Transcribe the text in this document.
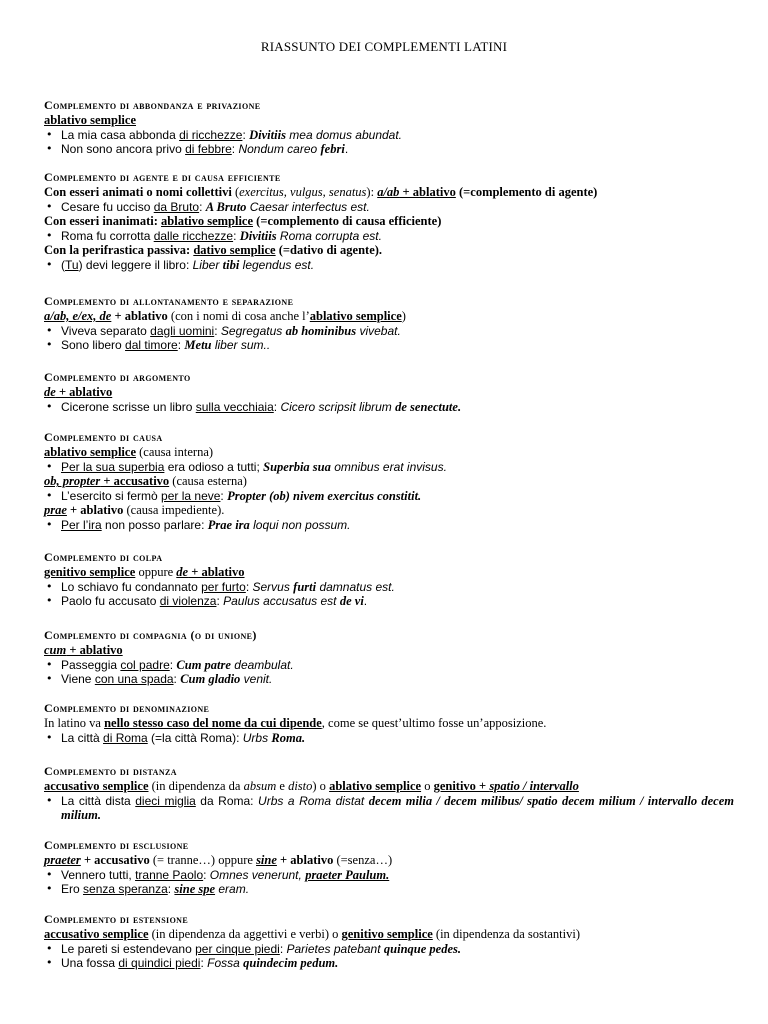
RIASSUNTO DEI COMPLEMENTI LATINI
Complemento di abbondanza e privazione
ablativo semplice
• La mia casa abbonda di ricchezze: Divitiis mea domus abundat.
• Non sono ancora privo di febbre: Nondum careo febri.
Complemento di agente e di causa efficiente
Con esseri animati o nomi collettivi (exercitus, vulgus, senatus): a/ab + ablativo (=complemento di agente)
• Cesare fu ucciso da Bruto: A Bruto Caesar interfectus est.
Con esseri inanimati: ablativo semplice (=complemento di causa efficiente)
• Roma fu corrotta dalle ricchezze: Divitiis Roma corrupta est.
Con la perifrastica passiva: dativo semplice (=dativo di agente).
• (Tu) devi leggere il libro: Liber tibi legendus est.
Complemento di allontanamento e separazione
a/ab, e/ex, de + ablativo (con i nomi di cosa anche l’ablativo semplice)
• Viveva separato dagli uomini: Segregatus ab hominibus vivebat.
• Sono libero dal timore: Metu liber sum..
Complemento di argomento
de + ablativo
• Cicerone scrisse un libro sulla vecchiaia: Cicero scripsit librum de senectute.
Complemento di causa
ablativo semplice (causa interna)
• Per la sua superbia era odioso a tutti; Superbia sua omnibus erat invisus.
ob, propter + accusativo (causa esterna)
• L’esercito si fermò per la neve: Propter (ob) nivem exercitus constitit.
prae + ablativo (causa impediente).
• Per l’ira non posso parlare: Prae ira loqui non possum.
Complemento di colpa
genitivo semplice oppure de + ablativo
• Lo schiavo fu condannato per furto: Servus furti damnatus est.
• Paolo fu accusato di violenza: Paulus accusatus est de vi.
Complemento di compagnia (o di unione)
cum + ablativo
• Passeggia col padre: Cum patre deambulat.
• Viene con una spada: Cum gladio venit.
Complemento di denominazione
In latino va nello stesso caso del nome da cui dipende, come se quest’ultimo fosse un’apposizione.
• La città di Roma (=la città Roma): Urbs Roma.
Complemento di distanza
accusativo semplice (in dipendenza da absum e disto) o ablativo semplice o genitivo + spatio / intervallo
• La città dista dieci miglia da Roma: Urbs a Roma distat decem milia / decem milibus/ spatio decem milium / intervallo decem milium.
Complemento di esclusione
praeter + accusativo (= tranne…) oppure sine + ablativo (=senza…)
• Vennero tutti, tranne Paolo: Omnes venerunt, praeter Paulum.
• Ero senza speranza: sine spe eram.
Complemento di estensione
accusativo semplice (in dipendenza da aggettivi e verbi) o genitivo semplice (in dipendenza da sostantivi)
• Le pareti si estendevano per cinque piedi: Parietes patebant quinque pedes.
• Una fossa di quindici piedi: Fossa quindecim pedum.
